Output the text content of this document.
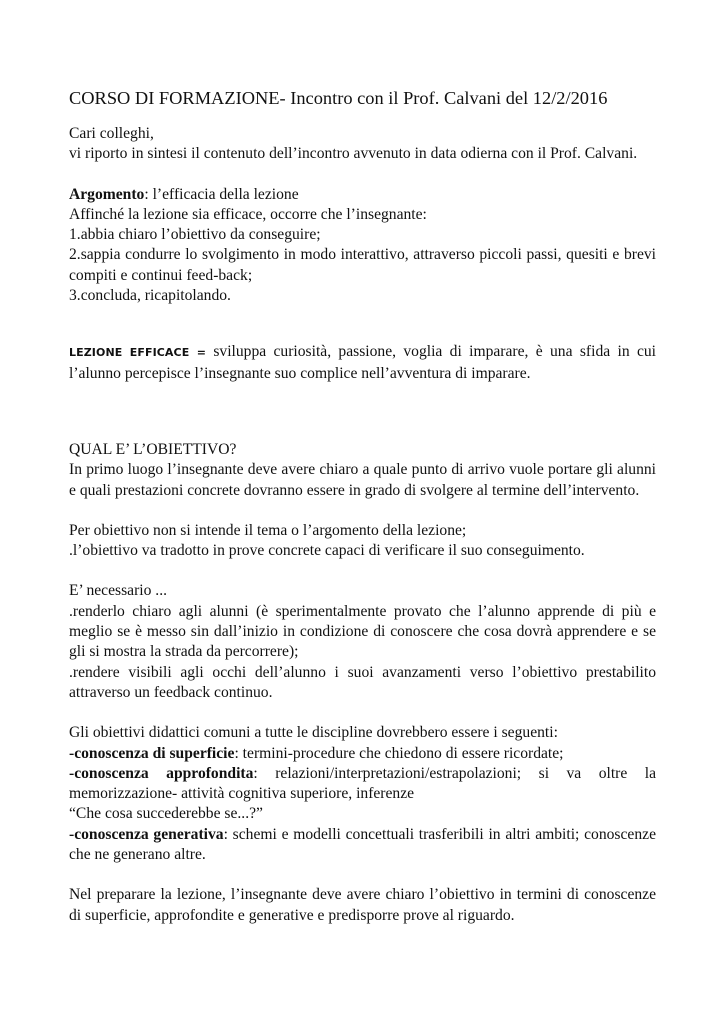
CORSO DI FORMAZIONE- Incontro con il Prof. Calvani del 12/2/2016

Cari colleghi,

vi riporto in sintesi il contenuto dell’incontro avvenuto in data odierna con il Prof. Calvani.

Argomento: l’efficacia della lezione

Affinché la lezione sia efficace, occorre che l’insegnante:

1.abbia chiaro l’obiettivo da conseguire;

2.sappia condurre lo svolgimento in modo interattivo, attraverso piccoli passi, quesiti e brevi compiti e continui feed-back;

3.concluda, ricapitolando.

LEZIONE EFFICACE = sviluppa curiosità, passione, voglia di imparare, è una sfida in cui l’alunno percepisce l’insegnante suo complice nell’avventura di imparare.

QUAL E’ L’OBIETTIVO?

In primo luogo l’insegnante deve avere chiaro a quale punto di arrivo vuole portare gli alunni e quali prestazioni concrete dovranno essere in grado di svolgere al termine dell’intervento.

Per obiettivo non si intende il tema o l’argomento della lezione;

.l’obiettivo va tradotto in prove concrete capaci di verificare il suo conseguimento.

E’ necessario ...

.renderlo chiaro agli alunni (è sperimentalmente provato che l’alunno apprende di più e meglio se è messo sin dall’inizio in condizione di conoscere che cosa dovrà apprendere e se gli si mostra la strada da percorrere);

.rendere visibili agli occhi dell’alunno i suoi avanzamenti verso l’obiettivo prestabilito attraverso un feedback continuo.

Gli obiettivi didattici comuni a tutte le discipline dovrebbero essere i seguenti:

-conoscenza di superficie: termini-procedure che chiedono di essere ricordate;

-conoscenza approfondita: relazioni/interpretazioni/estrapolazioni; si va oltre la memorizzazione- attività cognitiva superiore, inferenze

“Che cosa succederebbe se...?”

-conoscenza generativa: schemi e modelli concettuali trasferibili in altri ambiti; conoscenze che ne generano altre.

Nel preparare la lezione, l’insegnante deve avere chiaro l’obiettivo in termini di conoscenze di superficie, approfondite e generative e predisporre prove al riguardo.
